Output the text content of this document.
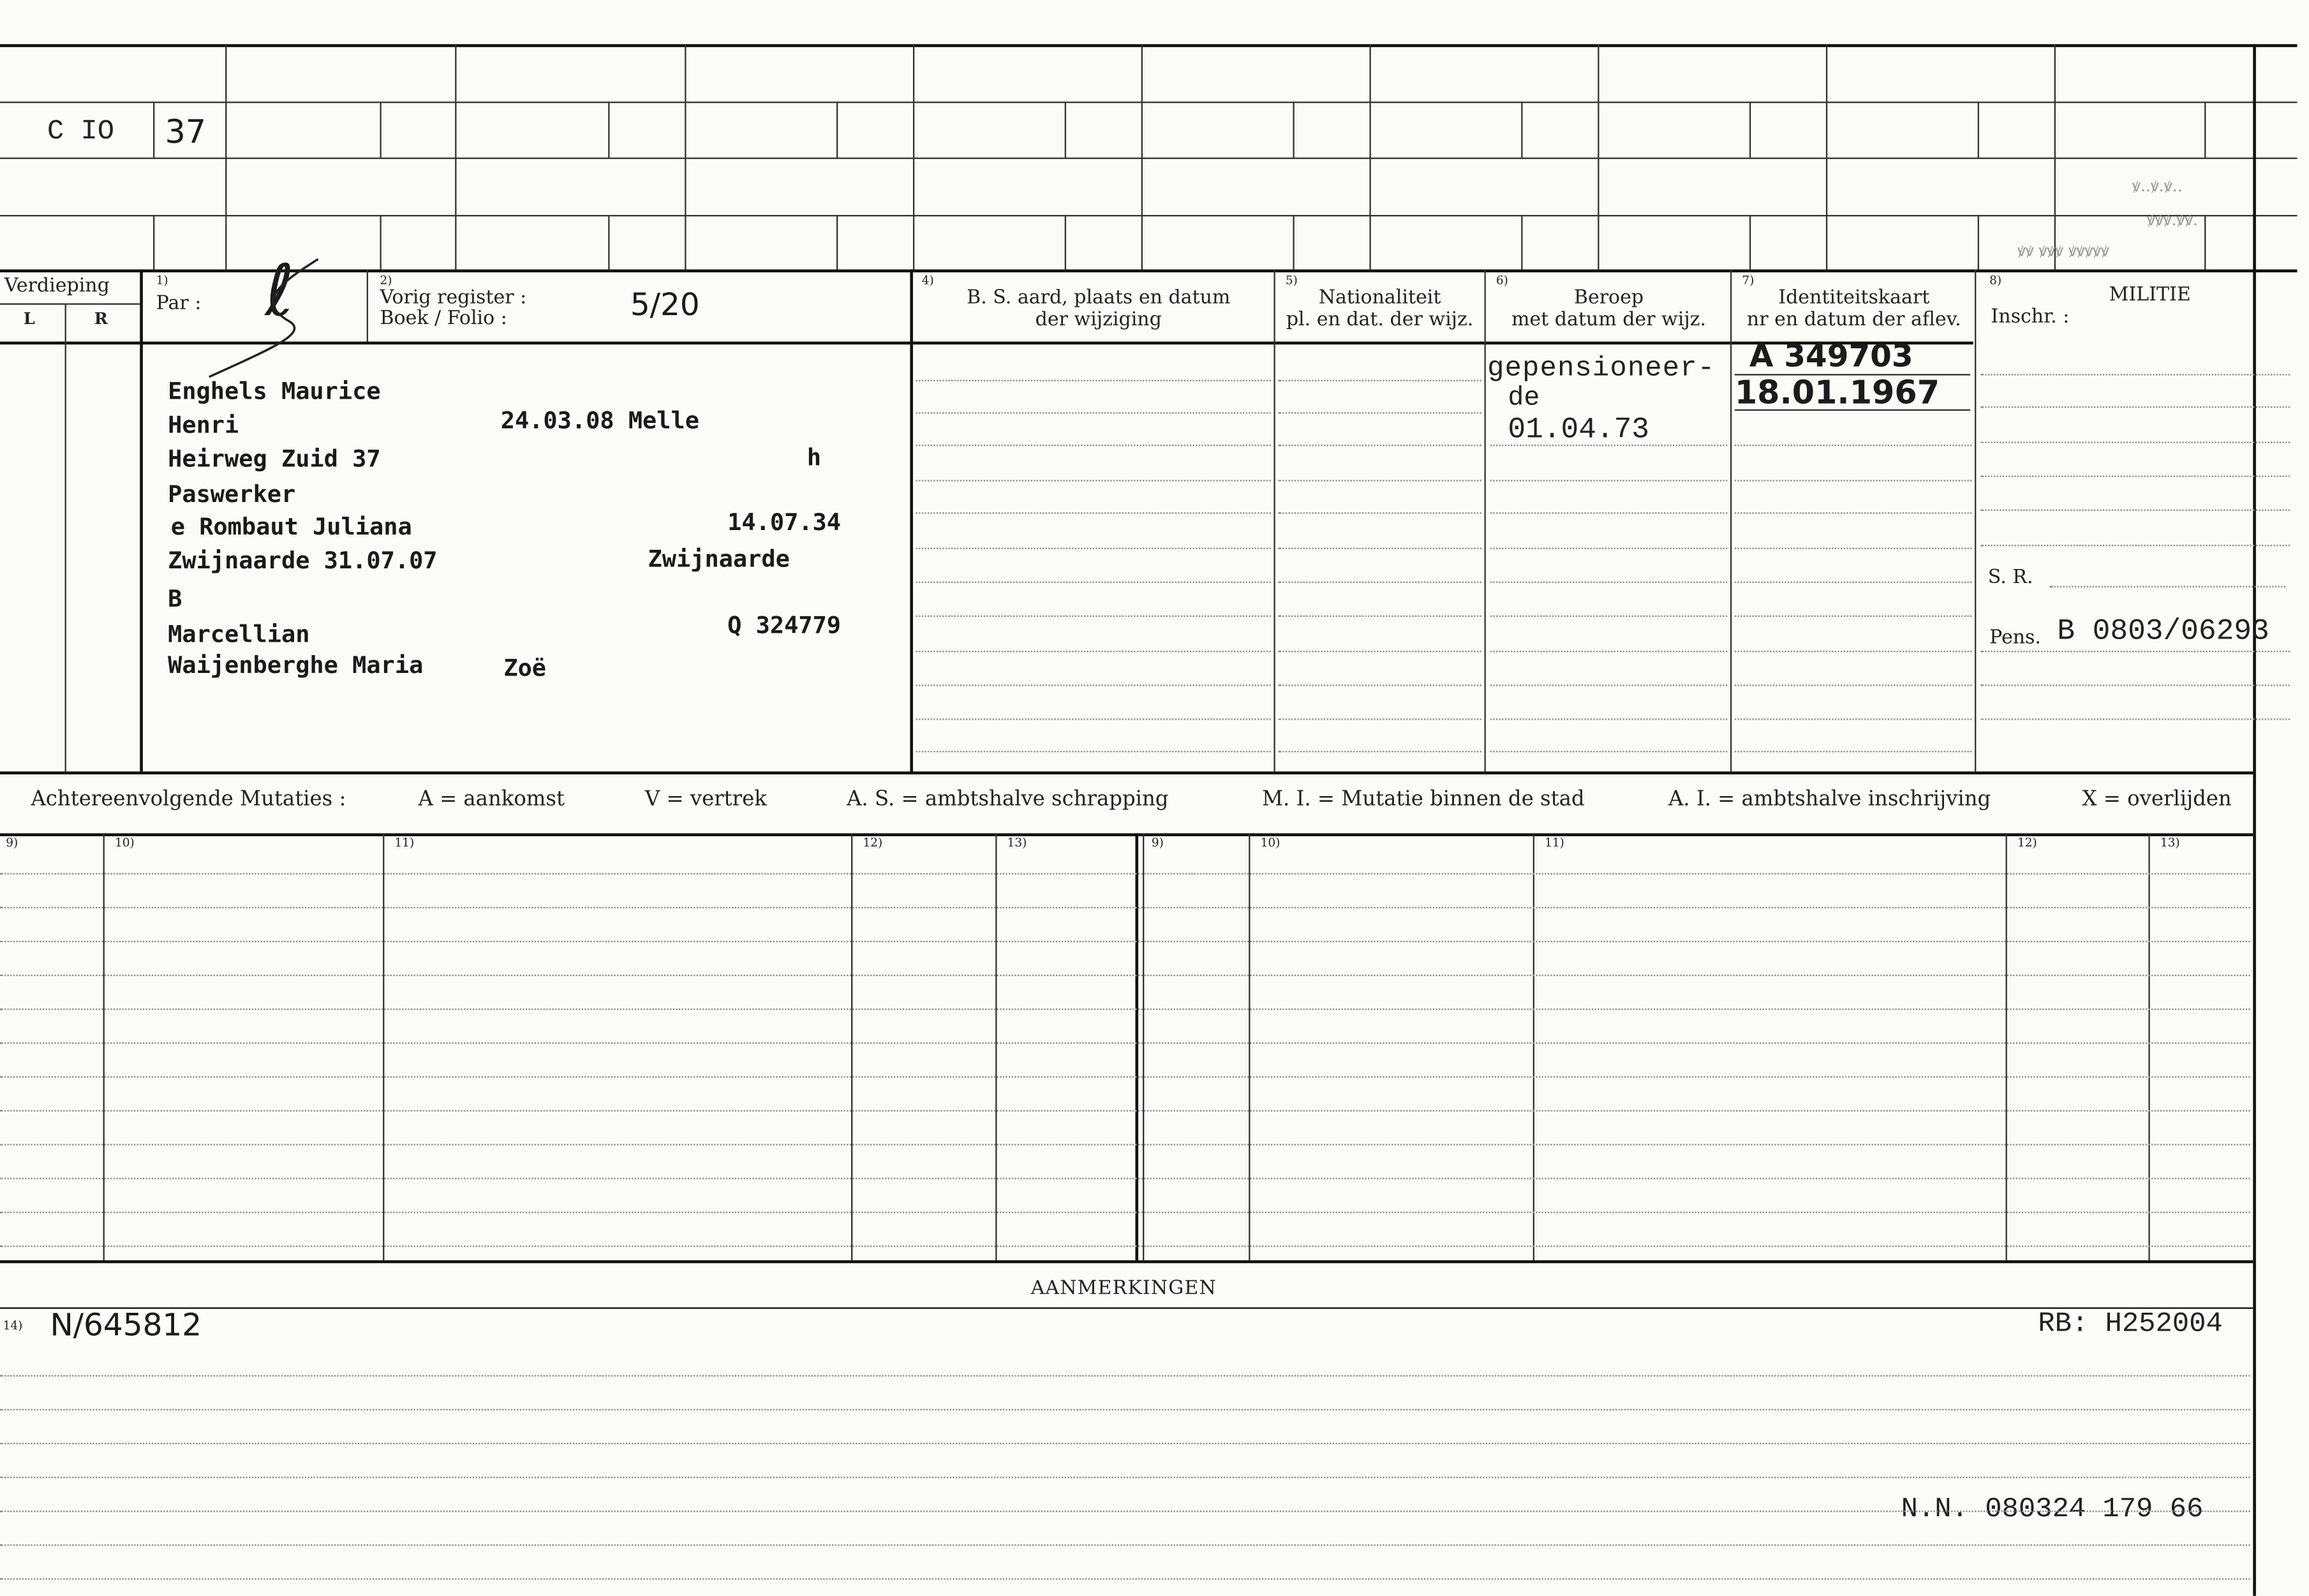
C IO	37
ꝟ..ꝟ.ꝟ..
ꝟꝟꝟ.ꝟꝟ.
ꝟꝟ ꝟꝟꝟ ꝟꝟꝟꝟꝟ
Verdieping
L	R
1)
Par : ℓ	2)
Vorig register :
Boek / Folio :	5/20
4)
B. S. aard, plaats en datum
der wijziging
5)
Nationaliteit
pl. en dat. der wijz.
6)
Beroep
met datum der wijz.
7)
Identiteitskaart
nr en datum der aflev.
8)
MILITIE
Inschr. :
Enghels Maurice
Henri	24.03.08 Melle
Heirweg Zuid 37	h
Paswerker
e Rombaut Juliana	14.07.34
Zwijnaarde 31.07.07	Zwijnaarde
B
Marcellian	Q 324779
Waijenberghe Maria	Zoë
gepensioneer-
de
01.04.73
A 349703
18.01.1967
S. R.
Pens. B 0803/06293
Achtereenvolgende Mutaties :	A = aankomst	V = vertrek	A. S. = ambtshalve schrapping	M. I. = Mutatie binnen de stad	A. I. = ambtshalve inschrijving	X = overlijden
9)	10)	11)	12)	13)	9)	10)	11)	12)	13)
AANMERKINGEN
14) N/645812	RB: H252004
N.N. 080324 179 66
